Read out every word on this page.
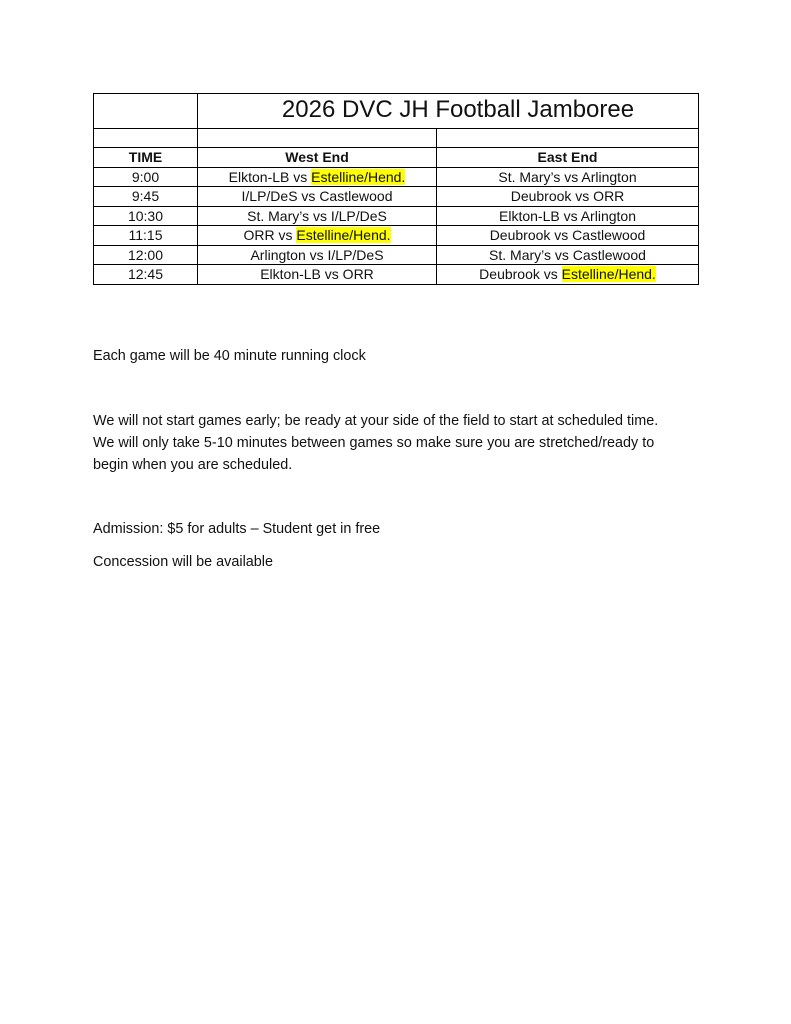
	2026 DVC JH Football Jamboree	

TIME	West End	East End
9:00	Elkton-LB vs Estelline/Hend.	St. Mary’s vs Arlington
9:45	I/LP/DeS vs Castlewood	Deubrook vs ORR
10:30	St. Mary’s vs I/LP/DeS	Elkton-LB vs Arlington
11:15	ORR vs Estelline/Hend.	Deubrook vs Castlewood
12:00	Arlington vs I/LP/DeS	St. Mary’s vs Castlewood
12:45	Elkton-LB vs ORR	Deubrook vs Estelline/Hend.

Each game will be 40 minute running clock

We will not start games early; be ready at your side of the field to start at scheduled time.
We will only take 5-10 minutes between games so make sure you are stretched/ready to
begin when you are scheduled.

Admission: $5 for adults – Student get in free

Concession will be available
